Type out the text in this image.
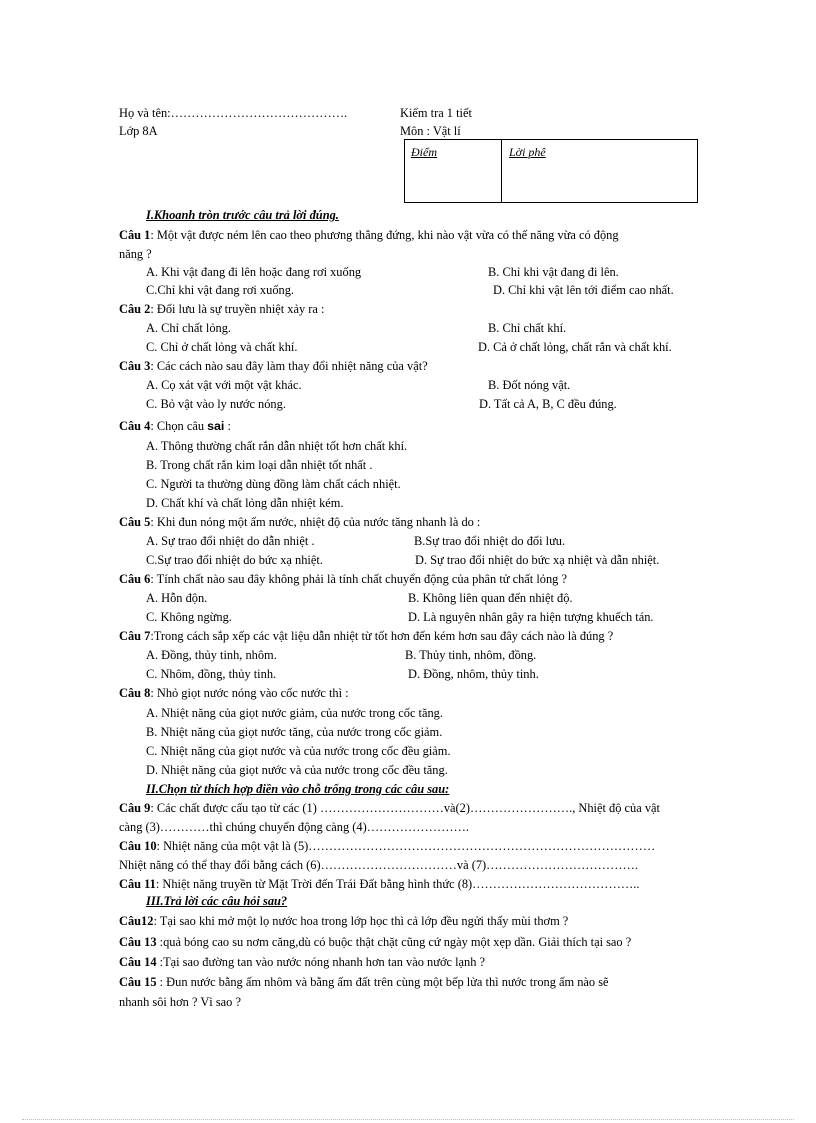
Họ và tên:…………………………………….
Lớp 8A
Kiểm tra 1 tiết
Môn : Vật lí
Điểm	Lời phê
I.Khoanh tròn trước câu trả lời đúng.
Câu 1: Một vật được ném lên cao theo phương thẳng đứng, khi nào vật vừa có thế năng vừa có động
năng ?
A. Khi vật đang đi lên hoặc đang rơi xuống	B. Chỉ khi vật đang đi lên.
C.Chỉ khi vật đang rơi xuống.	D. Chỉ khi vật lên tới điểm cao nhất.
Câu 2: Đối lưu là sự truyền nhiệt xảy ra :
A. Chỉ chất lỏng.	B. Chỉ chất khí.
C. Chỉ ở chất lỏng và chất khí.	D. Cả ở chất lỏng, chất rắn và chất khí.
Câu 3: Các cách nào sau đây làm thay đổi nhiệt năng của vật?
A. Cọ xát vật với một vật khác.	B. Đốt nóng vật.
C. Bỏ vật vào ly nước nóng.	D. Tất cả A, B, C đều đúng.
Câu 4: Chọn câu sai :
A. Thông thường chất rắn dẫn nhiệt tốt hơn chất khí.
B. Trong chất rắn kim loại dẫn nhiệt tốt nhất .
C. Người ta thường dùng đồng làm chất cách nhiệt.
D. Chất khí và chất lỏng dẫn nhiệt kém.
Câu 5: Khi đun nóng một ấm nước, nhiệt độ của nước tăng nhanh là do :
A. Sự trao đổi nhiệt do dẫn nhiệt .	B.Sự trao đổi nhiệt do đối lưu.
C.Sự trao đổi nhiệt do bức xạ nhiệt.	D. Sự trao đổi nhiệt do bức xạ nhiệt và dẫn nhiệt.
Câu 6: Tính chất nào sau đây không phải là tính chất chuyển động của phân tử chất lỏng ?
A. Hỗn độn.	B. Không liên quan đến nhiệt độ.
C. Không ngừng.	D. Là nguyên nhân gây ra hiện tượng khuếch tán.
Câu 7:Trong cách sắp xếp các vật liệu dẫn nhiệt từ tốt hơn đến kém hơn sau đây cách nào là đúng ?
A. Đồng, thủy tinh, nhôm.	B. Thủy tinh, nhôm, đồng.
C. Nhôm, đồng, thủy tinh.	D. Đồng, nhôm, thủy tinh.
Câu 8: Nhỏ giọt nước nóng vào cốc nước thì :
A. Nhiệt năng của giọt nước giảm, của nước trong cốc tăng.
B. Nhiệt năng của giọt nước tăng, của nước trong cốc giảm.
C. Nhiệt năng của giọt nước và của nước trong cốc đều giảm.
D. Nhiệt năng của giọt nước và của nước trong cốc đều tăng.
II.Chọn từ thích hợp điền vào chỗ trống trong các câu sau:
Câu 9: Các chất được cấu tạo từ các (1) …………………………và(2)……………………., Nhiệt độ của vật
càng (3)…………thì chúng chuyển động càng (4)…………………….
Câu 10: Nhiệt năng của một vật là (5)…………………………………………………………………………
Nhiệt năng có thể thay đổi bằng cách (6)……………………………và (7)……………………………….
Câu 11: Nhiệt năng truyền từ Mặt Trời đến Trái Đất bằng hình thức (8)…………………………………..
III.Trả lời các câu hỏi sau?
Câu12: Tại sao khi mở một lọ nước hoa trong lớp học thì cả lớp đều ngửi thấy mùi thơm ?
Câu 13 :quả bóng cao su nơm căng,dù có buộc thật chặt cũng cứ ngày một xẹp dần. Giải thích tại sao ?
Câu 14 :Tại sao đường tan vào nước nóng nhanh hơn tan vào nước lạnh ?
Câu 15 : Đun nước bằng ấm nhôm và bằng ấm đất trên cùng một bếp lửa thì nước trong ấm nào sẽ
nhanh sôi hơn ? Vì sao ?
